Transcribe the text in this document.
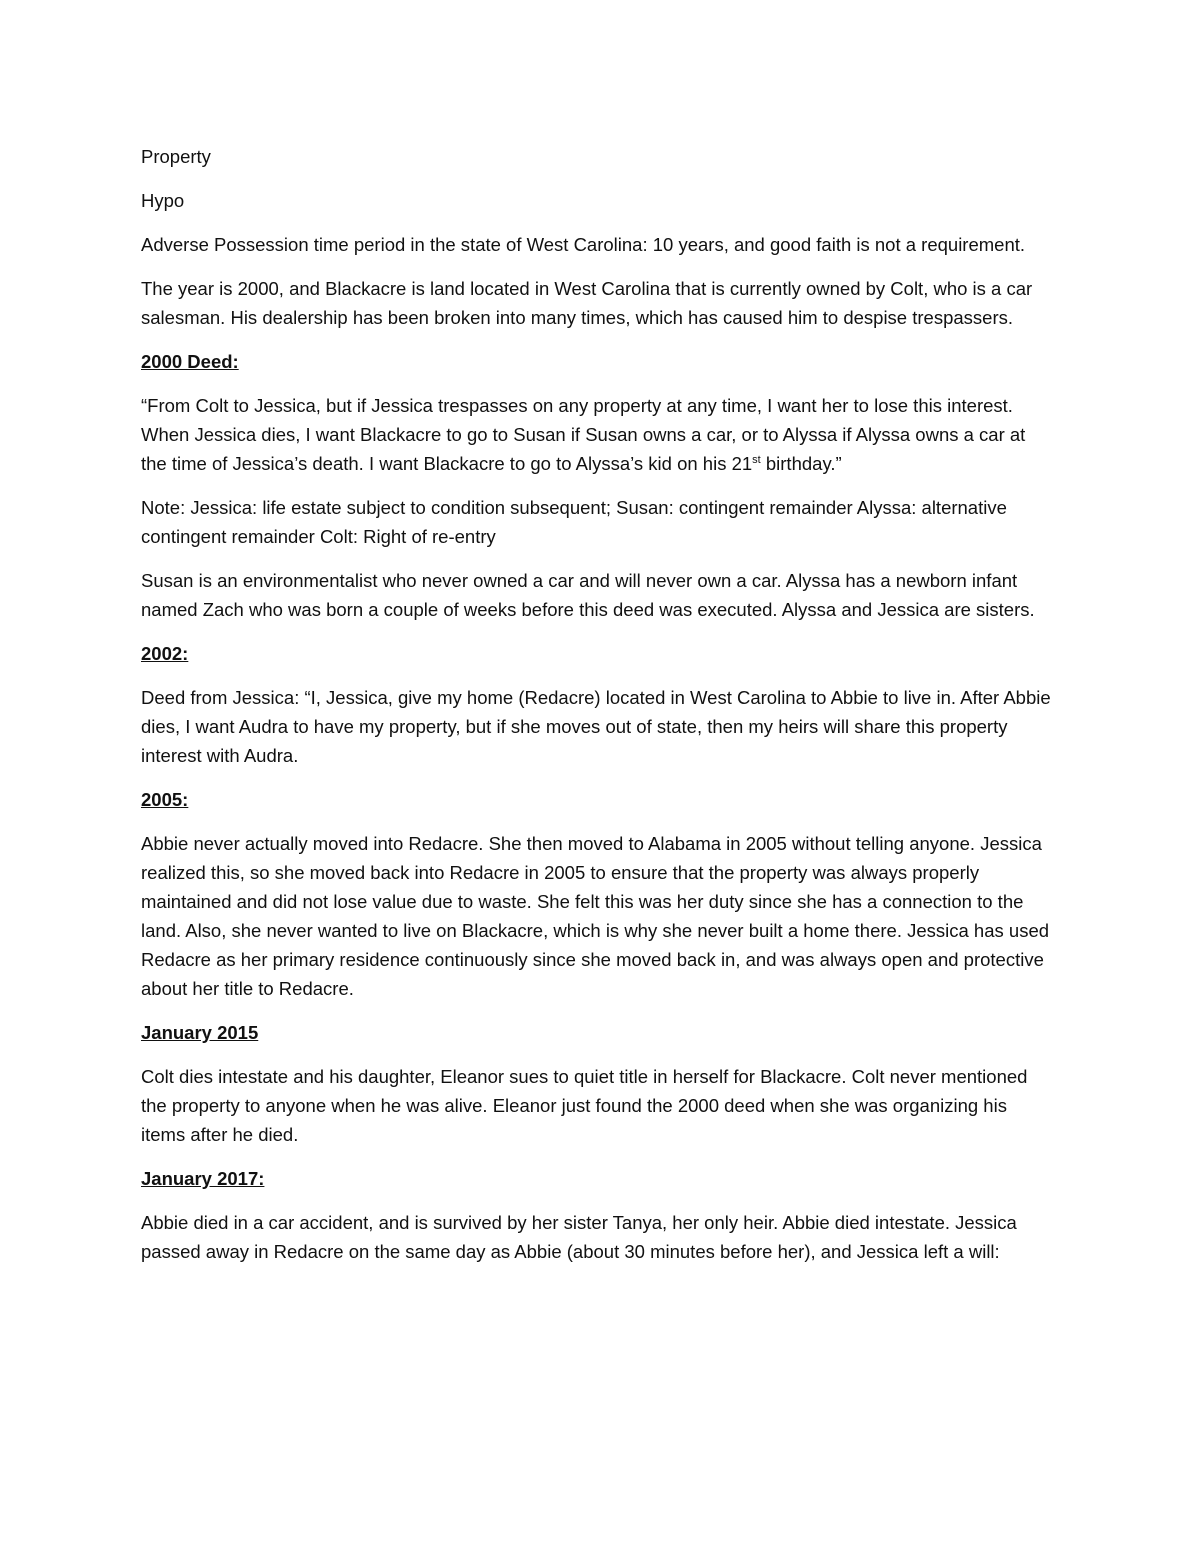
Property

Hypo

Adverse Possession time period in the state of West Carolina: 10 years, and good faith is not a requirement.

The year is 2000, and Blackacre is land located in West Carolina that is currently owned by Colt, who is a car salesman. His dealership has been broken into many times, which has caused him to despise trespassers.

2000 Deed:

“From Colt to Jessica, but if Jessica trespasses on any property at any time, I want her to lose this interest. When Jessica dies, I want Blackacre to go to Susan if Susan owns a car, or to Alyssa if Alyssa owns a car at the time of Jessica’s death. I want Blackacre to go to Alyssa’s kid on his 21st birthday.”

Note: Jessica: life estate subject to condition subsequent; Susan: contingent remainder Alyssa: alternative contingent remainder Colt: Right of re-entry

Susan is an environmentalist who never owned a car and will never own a car. Alyssa has a newborn infant named Zach who was born a couple of weeks before this deed was executed. Alyssa and Jessica are sisters.

2002:

Deed from Jessica: “I, Jessica, give my home (Redacre) located in West Carolina to Abbie to live in. After Abbie dies, I want Audra to have my property, but if she moves out of state, then my heirs will share this property interest with Audra.

2005:

Abbie never actually moved into Redacre. She then moved to Alabama in 2005 without telling anyone. Jessica realized this, so she moved back into Redacre in 2005 to ensure that the property was always properly maintained and did not lose value due to waste. She felt this was her duty since she has a connection to the land. Also, she never wanted to live on Blackacre, which is why she never built a home there. Jessica has used Redacre as her primary residence continuously since she moved back in, and was always open and protective about her title to Redacre.

January 2015

Colt dies intestate and his daughter, Eleanor sues to quiet title in herself for Blackacre. Colt never mentioned the property to anyone when he was alive. Eleanor just found the 2000 deed when she was organizing his items after he died.

January 2017:

Abbie died in a car accident, and is survived by her sister Tanya, her only heir. Abbie died intestate. Jessica passed away in Redacre on the same day as Abbie (about 30 minutes before her), and Jessica left a will:
